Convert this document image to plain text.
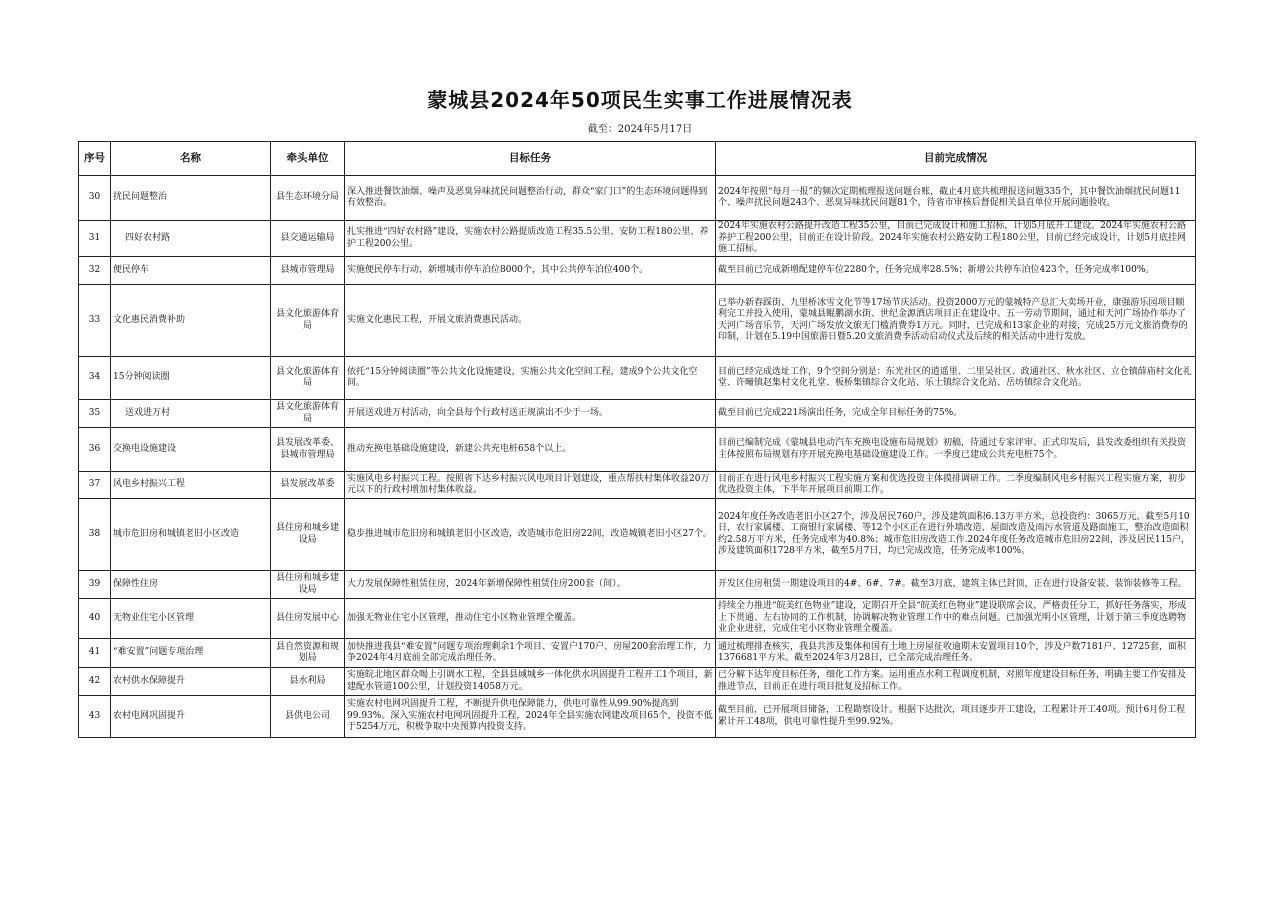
蒙城县2024年50项民生实事工作进展情况表
截至：2024年5月17日
序号	名称	牵头单位	目标任务	目前完成情况
30	扰民问题整治	县生态环境分局	深入推进餐饮油烟、噪声及恶臭异味扰民问题整治行动，群众“家门口”的生态环境问题得到有效整治。	2024年按照“每月一报”的频次定期梳理报送问题台账，截止4月底共梳理报送问题335个，其中餐饮油烟扰民问题11个、噪声扰民问题243个、恶臭异味扰民问题81个，待省市审核后督促相关县直单位开展问题验收。
31	四好农村路	县交通运输局	扎实推进“四好农村路”建设，实施农村公路提质改造工程35.5公里、安防工程180公里、养护工程200公里。	2024年实施农村公路提升改造工程35公里，目前已完成设计和施工招标，计划5月底开工建设。2024年实施农村公路养护工程200公里，目前正在设计阶段。2024年实施农村公路安防工程180公里，目前已经完成设计，计划5月底挂网施工招标。
32	便民停车	县城市管理局	实施便民停车行动，新增城市停车泊位8000个，其中公共停车泊位400个。	截至目前已完成新增配建停车位2280个，任务完成率28.5%；新增公共停车泊位423个，任务完成率100%。
33	文化惠民消费补助	县文化旅游体育局	实施文化惠民工程，开展文旅消费惠民活动。	已举办新春踩街、九里桥冰雪文化节等17场节庆活动。投资2000万元的蒙城特产总汇大卖场开业，康强游乐园项目顺利完工并投入使用，蒙城县鲲鹏湖水街、世纪金源酒店项目正在建设中。五一劳动节期间，通过和天河广场协作举办了天河广场音乐节，天河广场发放文旅无门槛消费券1万元。同时，已完成和13家企业的对接，完成25万元文旅消费券的印制，计划在5.19中国旅游日暨5.20文旅消费季活动启动仪式及后续的相关活动中进行发放。
34	15分钟阅读圈	县文化旅游体育局	依托“15分钟阅读圈”等公共文化设施建设，实施公共文化空间工程，建成9个公共文化空间。	目前已经完成选址工作，9个空间分别是：东光社区的逍遥里、二里吴社区、政通社区、秋水社区、立仓镇薛庙村文化礼堂、许疃镇赵集村文化礼堂、板桥集镇综合文化站、乐土镇综合文化站、岳坊镇综合文化站。
35	送戏进万村	县文化旅游体育局	开展送戏进万村活动，向全县每个行政村送正规演出不少于一场。	截至目前已完成221场演出任务，完成全年目标任务的75%。
36	交换电设施建设	县发展改革委、县城市管理局	推动充换电基础设施建设，新建公共充电桩658个以上。	目前已编制完成《蒙城县电动汽车充换电设施布局规划》初稿，待通过专家评审、正式印发后，县发改委组织有关投资主体按照布局规划有序开展充换电基础设施建设工作。一季度已建成公共充电桩75个。
37	风电乡村振兴工程	县发展改革委	实施风电乡村振兴工程。按照省下达乡村振兴风电项目计划建设，重点帮扶村集体收益20万元以下的行政村增加村集体收益。	目前正在进行风电乡村振兴工程实施方案和优选投资主体摸排调研工作。二季度编制风电乡村振兴工程实施方案，初步优选投资主体，下半年开展项目前期工作。
38	城市危旧房和城镇老旧小区改造	县住房和城乡建设局	稳步推进城市危旧房和城镇老旧小区改造，改造城市危旧房22间，改造城镇老旧小区27个。	2024年度任务改造老旧小区27个，涉及居民760户，涉及建筑面积6.13万平方米，总投资约：3065万元。截至5月10日，农行家属楼、工商银行家属楼、等12个小区正在进行外墙改造、屋面改造及雨污水管道及路面施工，整治改造面积约2.58万平方米，任务完成率为40.8%；城市危旧房改造工作.2024年度任务改造城市危旧房22间，涉及居民115户，涉及建筑面积1728平方米，截至5月7日，均已完成改造，任务完成率100%。
39	保障性住房	县住房和城乡建设局	大力发展保障性租赁住房，2024年新增保障性租赁住房200套（间）。	开发区住房租赁一期建设项目的4#、6#、7#。截至3月底，建筑主体已封顶，正在进行设备安装、装饰装修等工程。
40	无物业住宅小区管理	县住房发展中心	加强无物业住宅小区管理，推动住宅小区物业管理全覆盖。	持续全力推进“皖美红色物业”建设，定期召开全县“皖美红色物业”建设联席会议，严格责任分工，抓好任务落实，形成上下贯通、左右协同的工作机制，协调解决物业管理工作中的难点问题。已加强光明小区管理，计划于第三季度选聘物业企业进驻，完成住宅小区物业管理全覆盖。
41	“难安置”问题专项治理	县自然资源和规划局	加快推进我县“难安置”问题专项治理剩余1个项目、安置户170户、房屋200套治理工作，力争2024年4月底前全部完成治理任务。	通过梳理排查核实，我县共涉及集体和国有土地上房屋征收逾期未安置项目10个，涉及户数7181户、12725套，面积1376681平方米。截至2024年3月28日，已全部完成治理任务。
42	农村供水保障提升	县水利局	实施皖北地区群众喝上引调水工程，全县县域城乡一体化供水巩固提升工程开工1个项目，新建配水管道100公里，计划投资14058万元。	已分解下达年度目标任务，细化工作方案。运用重点水利工程调度机制，对照年度建设目标任务，明确主要工作安排及推进节点，目前正在进行项目批复及招标工作。
43	农村电网巩固提升	县供电公司	实施农村电网巩固提升工程，不断提升供电保障能力，供电可靠性从99.90%提高到99.93%。深入实施农村电网巩固提升工程，2024年全县实施农网建改项目65个，投资不低于5254万元，积极争取中央预算内投资支持。	截至目前，已开展项目储备，工程勘察设计。根据下达批次，项目逐步开工建设，工程累计开工40项。预计6月份工程累计开工48项，供电可靠性提升至99.92%。
